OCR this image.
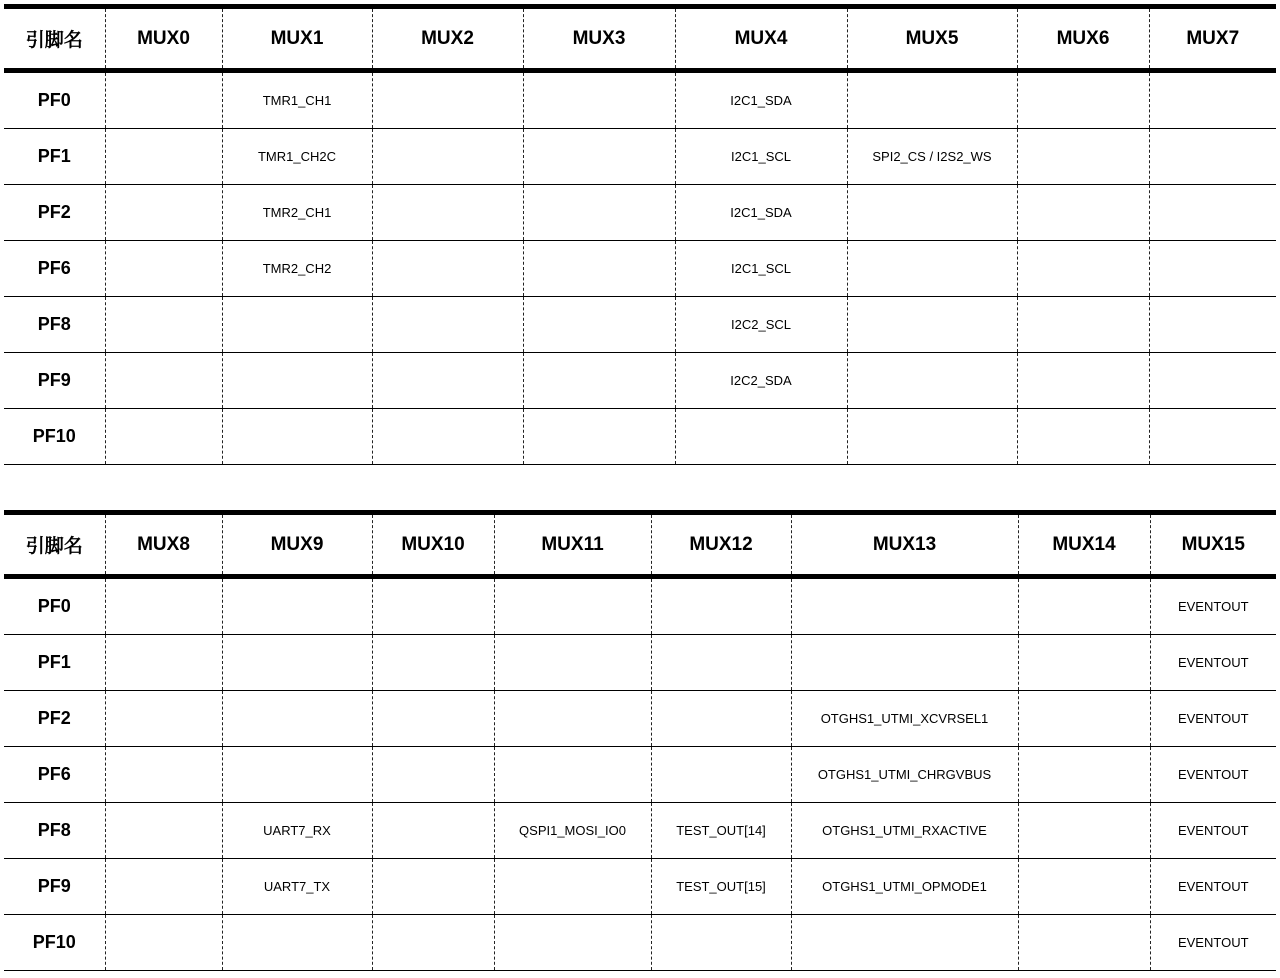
引脚名	MUX0	MUX1	MUX2	MUX3	MUX4	MUX5	MUX6	MUX7
PF0		TMR1_CH1			I2C1_SDA			
PF1		TMR1_CH2C			I2C1_SCL	SPI2_CS / I2S2_WS		
PF2		TMR2_CH1			I2C1_SDA			
PF6		TMR2_CH2			I2C1_SCL			
PF8					I2C2_SCL			
PF9					I2C2_SDA			
PF10								
引脚名	MUX8	MUX9	MUX10	MUX11	MUX12	MUX13	MUX14	MUX15
PF0								EVENTOUT
PF1								EVENTOUT
PF2						OTGHS1_UTMI_XCVRSEL1		EVENTOUT
PF6						OTGHS1_UTMI_CHRGVBUS		EVENTOUT
PF8		UART7_RX		QSPI1_MOSI_IO0	TEST_OUT[14]	OTGHS1_UTMI_RXACTIVE		EVENTOUT
PF9		UART7_TX			TEST_OUT[15]	OTGHS1_UTMI_OPMODE1		EVENTOUT
PF10								EVENTOUT
